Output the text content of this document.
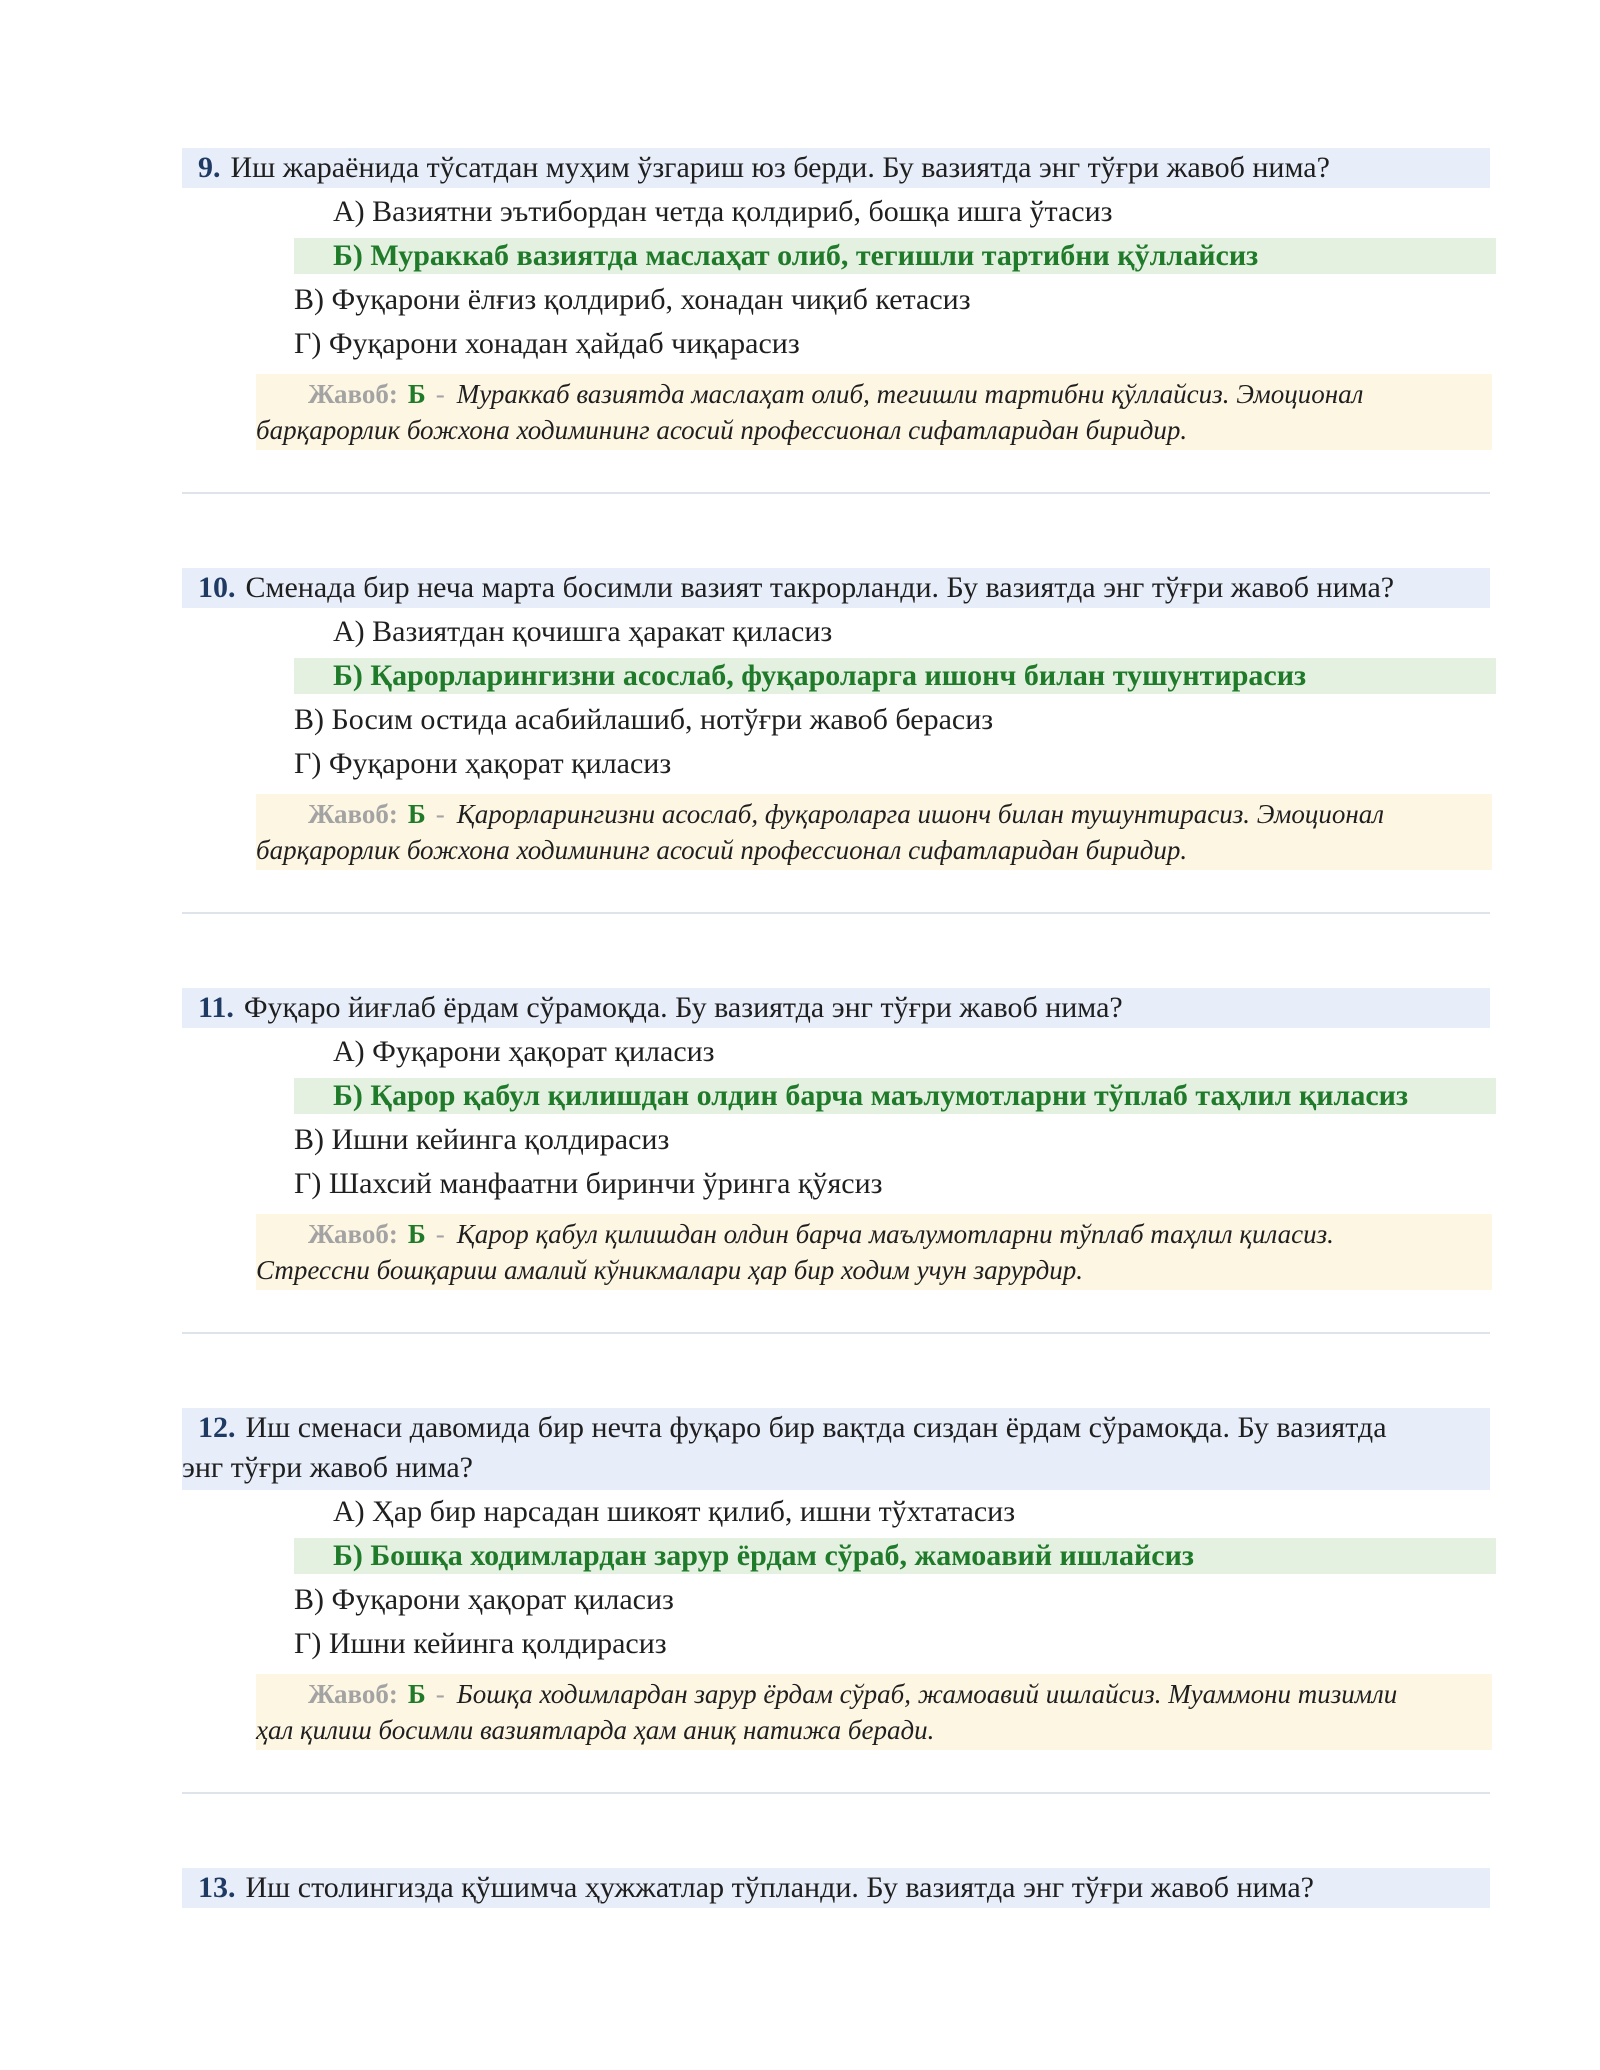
9. Иш жараёнида тўсатдан муҳим ўзгариш юз берди. Бу вазиятда энг тўғри жавоб нима?
А) Вазиятни эътибордан четда қолдириб, бошқа ишга ўтасиз
Б) Мураккаб вазиятда маслаҳат олиб, тегишли тартибни қўллайсиз
В) Фуқарони ёлғиз қолдириб, хонадан чиқиб кетасиз
Г) Фуқарони хонадан ҳайдаб чиқарасиз
Жавоб: Б - Мураккаб вазиятда маслаҳат олиб, тегишли тартибни қўллайсиз. Эмоционал
барқарорлик божхона ходимининг асосий профессионал сифатларидан биридир.
10. Сменада бир неча марта босимли вазият такрорланди. Бу вазиятда энг тўғри жавоб нима?
А) Вазиятдан қочишга ҳаракат қиласиз
Б) Қарорларингизни асослаб, фуқароларга ишонч билан тушунтирасиз
В) Босим остида асабийлашиб, нотўғри жавоб берасиз
Г) Фуқарони ҳақорат қиласиз
Жавоб: Б - Қарорларингизни асослаб, фуқароларга ишонч билан тушунтирасиз. Эмоционал
барқарорлик божхона ходимининг асосий профессионал сифатларидан биридир.
11. Фуқаро йиғлаб ёрдам сўрамоқда. Бу вазиятда энг тўғри жавоб нима?
А) Фуқарони ҳақорат қиласиз
Б) Қарор қабул қилишдан олдин барча маълумотларни тўплаб таҳлил қиласиз
В) Ишни кейинга қолдирасиз
Г) Шахсий манфаатни биринчи ўринга қўясиз
Жавоб: Б - Қарор қабул қилишдан олдин барча маълумотларни тўплаб таҳлил қиласиз.
Стрессни бошқариш амалий кўникмалари ҳар бир ходим учун зарурдир.
12. Иш сменаси давомида бир нечта фуқаро бир вақтда сиздан ёрдам сўрамоқда. Бу вазиятда
энг тўғри жавоб нима?
А) Ҳар бир нарсадан шикоят қилиб, ишни тўхтатасиз
Б) Бошқа ходимлардан зарур ёрдам сўраб, жамоавий ишлайсиз
В) Фуқарони ҳақорат қиласиз
Г) Ишни кейинга қолдирасиз
Жавоб: Б - Бошқа ходимлардан зарур ёрдам сўраб, жамоавий ишлайсиз. Муаммони тизимли
ҳал қилиш босимли вазиятларда ҳам аниқ натижа беради.
13. Иш столингизда қўшимча ҳужжатлар тўпланди. Бу вазиятда энг тўғри жавоб нима?
